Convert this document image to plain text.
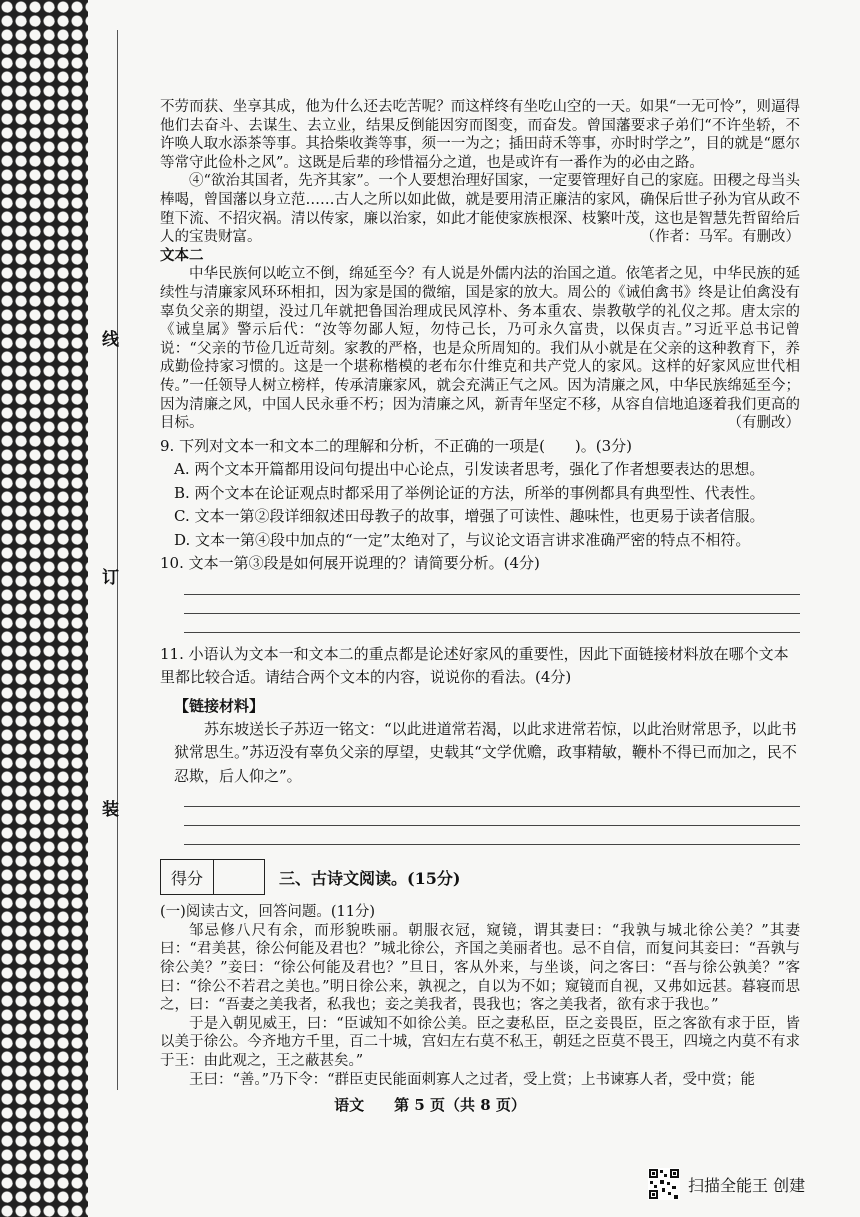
线
订
装

不劳而获、坐享其成，他为什么还去吃苦呢？而这样终有坐吃山空的一天。如果“一无可怜”，则逼得他们去奋斗、去谋生、去立业，结果反倒能因穷而图变，而奋发。曾国藩要求子弟们“不许坐轿，不许唤人取水添茶等事。其拾柴收粪等事，须一一为之；插田莳禾等事，亦时时学之”，目的就是“愿尔等常守此俭朴之风”。这既是后辈的珍惜福分之道，也是或许有一番作为的必由之路。

④“欲治其国者，先齐其家”。一个人要想治理好国家，一定要管理好自己的家庭。田稷之母当头棒喝，曾国藩以身立范……古人之所以如此做，就是要用清正廉洁的家风，确保后世子孙为官从政不堕下流、不招灾祸。清以传家，廉以治家，如此才能使家族根深、枝繁叶茂，这也是智慧先哲留给后人的宝贵财富。	（作者：马军。有删改）

文本二

中华民族何以屹立不倒，绵延至今？有人说是外儒内法的治国之道。依笔者之见，中华民族的延续性与清廉家风环环相扣，因为家是国的微缩，国是家的放大。周公的《诫伯禽书》终是让伯禽没有辜负父亲的期望，没过几年就把鲁国治理成民风淳朴、务本重农、崇教敬学的礼仪之邦。唐太宗的《诫皇属》警示后代：“汝等勿鄙人短，勿恃己长，乃可永久富贵，以保贞吉。”习近平总书记曾说：“父亲的节俭几近苛刻。家教的严格，也是众所周知的。我们从小就是在父亲的这种教育下，养成勤俭持家习惯的。这是一个堪称楷模的老布尔什维克和共产党人的家风。这样的好家风应世代相传。”一任领导人树立榜样，传承清廉家风，就会充满正气之风。因为清廉之风，中华民族绵延至今；因为清廉之风，中国人民永垂不朽；因为清廉之风，新青年坚定不移，从容自信地追逐着我们更高的目标。	（有删改）

9. 下列对文本一和文本二的理解和分析，不正确的一项是(　　)。(3分)

A. 两个文本开篇都用设问句提出中心论点，引发读者思考，强化了作者想要表达的思想。

B. 两个文本在论证观点时都采用了举例论证的方法，所举的事例都具有典型性、代表性。

C. 文本一第②段详细叙述田母教子的故事，增强了可读性、趣味性，也更易于读者信服。

D. 文本一第④段中加点的“一定”太绝对了，与议论文语言讲求准确严密的特点不相符。

10. 文本一第③段是如何展开说理的？请简要分析。(4分)

11. 小语认为文本一和文本二的重点都是论述好家风的重要性，因此下面链接材料放在哪个文本里都比较合适。请结合两个文本的内容，说说你的看法。(4分)

【链接材料】

苏东坡送长子苏迈一铭文：“以此进道常若渴，以此求进常若惊，以此治财常思予，以此书狱常思生。”苏迈没有辜负父亲的厚望，史载其“文学优赡，政事精敏，鞭朴不得已而加之，民不忍欺，后人仰之”。

得分	三、古诗文阅读。(15分)

(一)阅读古文，回答问题。(11分)

邹忌修八尺有余，而形貌昳丽。朝服衣冠，窥镜，谓其妻曰：“我孰与城北徐公美？”其妻曰：“君美甚，徐公何能及君也？”城北徐公，齐国之美丽者也。忌不自信，而复问其妾曰：“吾孰与徐公美？”妾曰：“徐公何能及君也？”旦日，客从外来，与坐谈，问之客曰：“吾与徐公孰美？”客曰：“徐公不若君之美也。”明日徐公来，孰视之，自以为不如；窥镜而自视，又弗如远甚。暮寝而思之，曰：“吾妻之美我者，私我也；妾之美我者，畏我也；客之美我者，欲有求于我也。”

于是入朝见威王，曰：“臣诚知不如徐公美。臣之妻私臣，臣之妾畏臣，臣之客欲有求于臣，皆以美于徐公。今齐地方千里，百二十城，宫妇左右莫不私王，朝廷之臣莫不畏王，四境之内莫不有求于王：由此观之，王之蔽甚矣。”

王曰：“善。”乃下令：“群臣吏民能面刺寡人之过者，受上赏；上书谏寡人者，受中赏；能

语文　　第 5 页（共 8 页）
扫描全能王 创建
